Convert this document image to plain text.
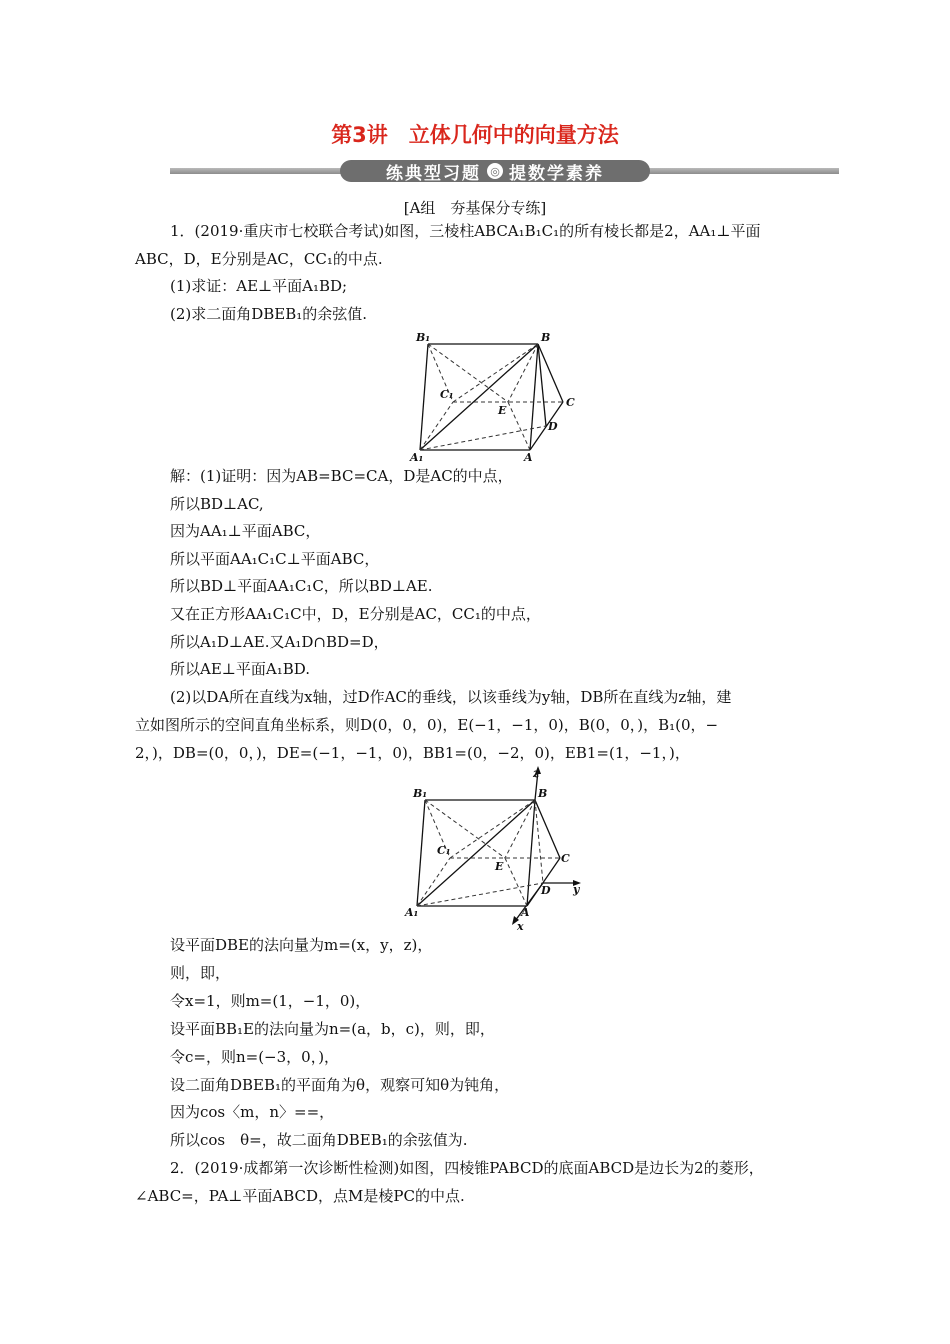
第3讲　立体几何中的向量方法
练典型习题 ◎ 提数学素养
[A组　夯基保分专练]
1．(2019·重庆市七校联合考试)如图，三棱柱ABCA₁B₁C₁的所有棱长都是2，AA₁⊥平面
ABC，D，E分别是AC，CC₁的中点.
(1)求证：AE⊥平面A₁BD;
(2)求二面角DBEB₁的余弦值.
B₁	B
C₁
E
C
D
A₁	A
解：(1)证明：因为AB=BC=CA，D是AC的中点，
所以BD⊥AC,
因为AA₁⊥平面ABC，
所以平面AA₁C₁C⊥平面ABC，
所以BD⊥平面AA₁C₁C，所以BD⊥AE.
又在正方形AA₁C₁C中，D，E分别是AC，CC₁的中点，
所以A₁D⊥AE.又A₁D∩BD=D，
所以AE⊥平面A₁BD.
(2)以DA所在直线为x轴，过D作AC的垂线，以该垂线为y轴，DB所在直线为z轴，建
立如图所示的空间直角坐标系，则D(0，0，0)，E(−1，−1，0)，B(0，0，)，B₁(0，−
2，)，DB=(0，0，)，DE=(−1，−1，0)，BB1=(0，−2，0)，EB1=(1，−1，)，
z
B₁	B
C₁
E
C
D y
A₁	A
x
设平面DBE的法向量为m=(x，y，z)，
则，即，
令x=1，则m=(1，−1，0)，
设平面BB₁E的法向量为n=(a，b，c)，则，即，
令c=，则n=(−3，0，)，
设二面角DBEB₁的平面角为θ，观察可知θ为钝角，
因为cos〈m，n〉==，
所以cos　θ=，故二面角DBEB₁的余弦值为.
2．(2019·成都第一次诊断性检测)如图，四棱锥PABCD的底面ABCD是边长为2的菱形，
∠ABC=，PA⊥平面ABCD，点M是棱PC的中点.
